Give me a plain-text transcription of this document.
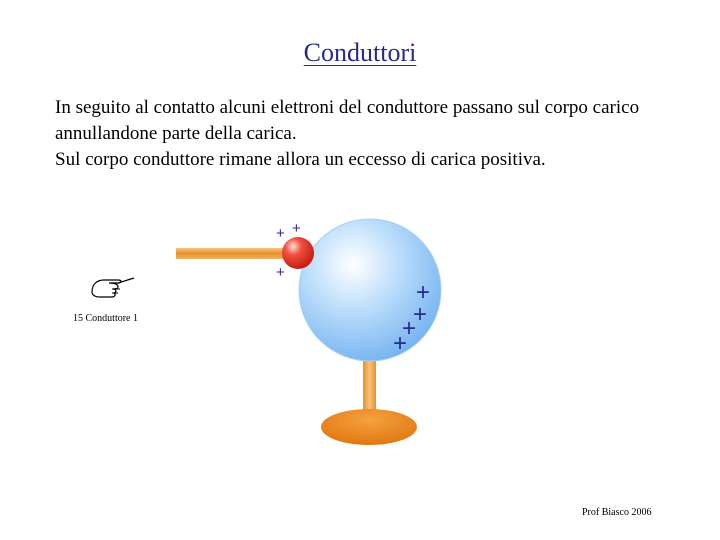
Conduttori
In seguito al contatto alcuni elettroni del conduttore passano sul corpo carico
annullandone parte della carica.
Sul corpo conduttore rimane allora un eccesso di carica positiva.
+ +
+
+
+
+
+
15 Conduttore 1
Prof Biasco 2006
